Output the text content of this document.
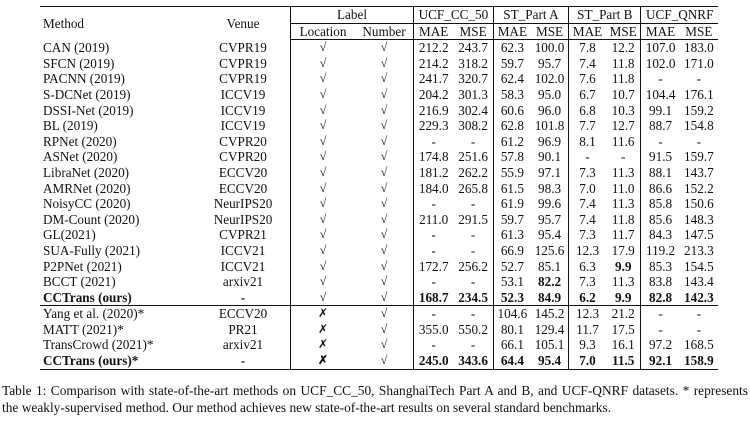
Method	Venue	Label		UCF_CC_50		ST_Part A		ST_Part B		UCF_QNRF	
		Location	Number	MAE	MSE	MAE	MSE	MAE	MSE	MAE	MSE
CAN (2019)	CVPR19	√	√	212.2	243.7	62.3	100.0	7.8	12.2	107.0	183.0
SFCN (2019)	CVPR19	√	√	214.2	318.2	59.7	95.7	7.4	11.8	102.0	171.0
PACNN (2019)	CVPR19	√	√	241.7	320.7	62.4	102.0	7.6	11.8	-	-
S-DCNet (2019)	ICCV19	√	√	204.2	301.3	58.3	95.0	6.7	10.7	104.4	176.1
DSSI-Net (2019)	ICCV19	√	√	216.9	302.4	60.6	96.0	6.8	10.3	99.1	159.2
BL (2019)	ICCV19	√	√	229.3	308.2	62.8	101.8	7.7	12.7	88.7	154.8
RPNet (2020)	CVPR20	√	√	-	-	61.2	96.9	8.1	11.6	-	-
ASNet (2020)	CVPR20	√	√	174.8	251.6	57.8	90.1	-	-	91.5	159.7
LibraNet (2020)	ECCV20	√	√	181.2	262.2	55.9	97.1	7.3	11.3	88.1	143.7
AMRNet (2020)	ECCV20	√	√	184.0	265.8	61.5	98.3	7.0	11.0	86.6	152.2
NoisyCC (2020)	NeurIPS20	√	√	-	-	61.9	99.6	7.4	11.3	85.8	150.6
DM-Count (2020)	NeurIPS20	√	√	211.0	291.5	59.7	95.7	7.4	11.8	85.6	148.3
GL(2021)	CVPR21	√	√	-	-	61.3	95.4	7.3	11.7	84.3	147.5
SUA-Fully (2021)	ICCV21	√	√	-	-	66.9	125.6	12.3	17.9	119.2	213.3
P2PNet (2021)	ICCV21	√	√	172.7	256.2	52.7	85.1	6.3	9.9	85.3	154.5
BCCT (2021)	arxiv21	√	√	-	-	53.1	82.2	7.3	11.3	83.8	143.4
CCTrans (ours)	-	√	√	168.7	234.5	52.3	84.9	6.2	9.9	82.8	142.3
Yang et al. (2020)*	ECCV20	✗	√	-	-	104.6	145.2	12.3	21.2	-	-
MATT (2021)*	PR21	✗	√	355.0	550.2	80.1	129.4	11.7	17.5	-	-
TransCrowd (2021)*	arxiv21	✗	√	-	-	66.1	105.1	9.3	16.1	97.2	168.5
CCTrans (ours)*	-	✗	√	245.0	343.6	64.4	95.4	7.0	11.5	92.1	158.9
Table 1: Comparison with state-of-the-art methods on UCF_CC_50, ShanghaiTech Part A and B, and UCF-QNRF datasets. * represents the weakly-supervised method. Our method achieves new state-of-the-art results on several standard benchmarks.
